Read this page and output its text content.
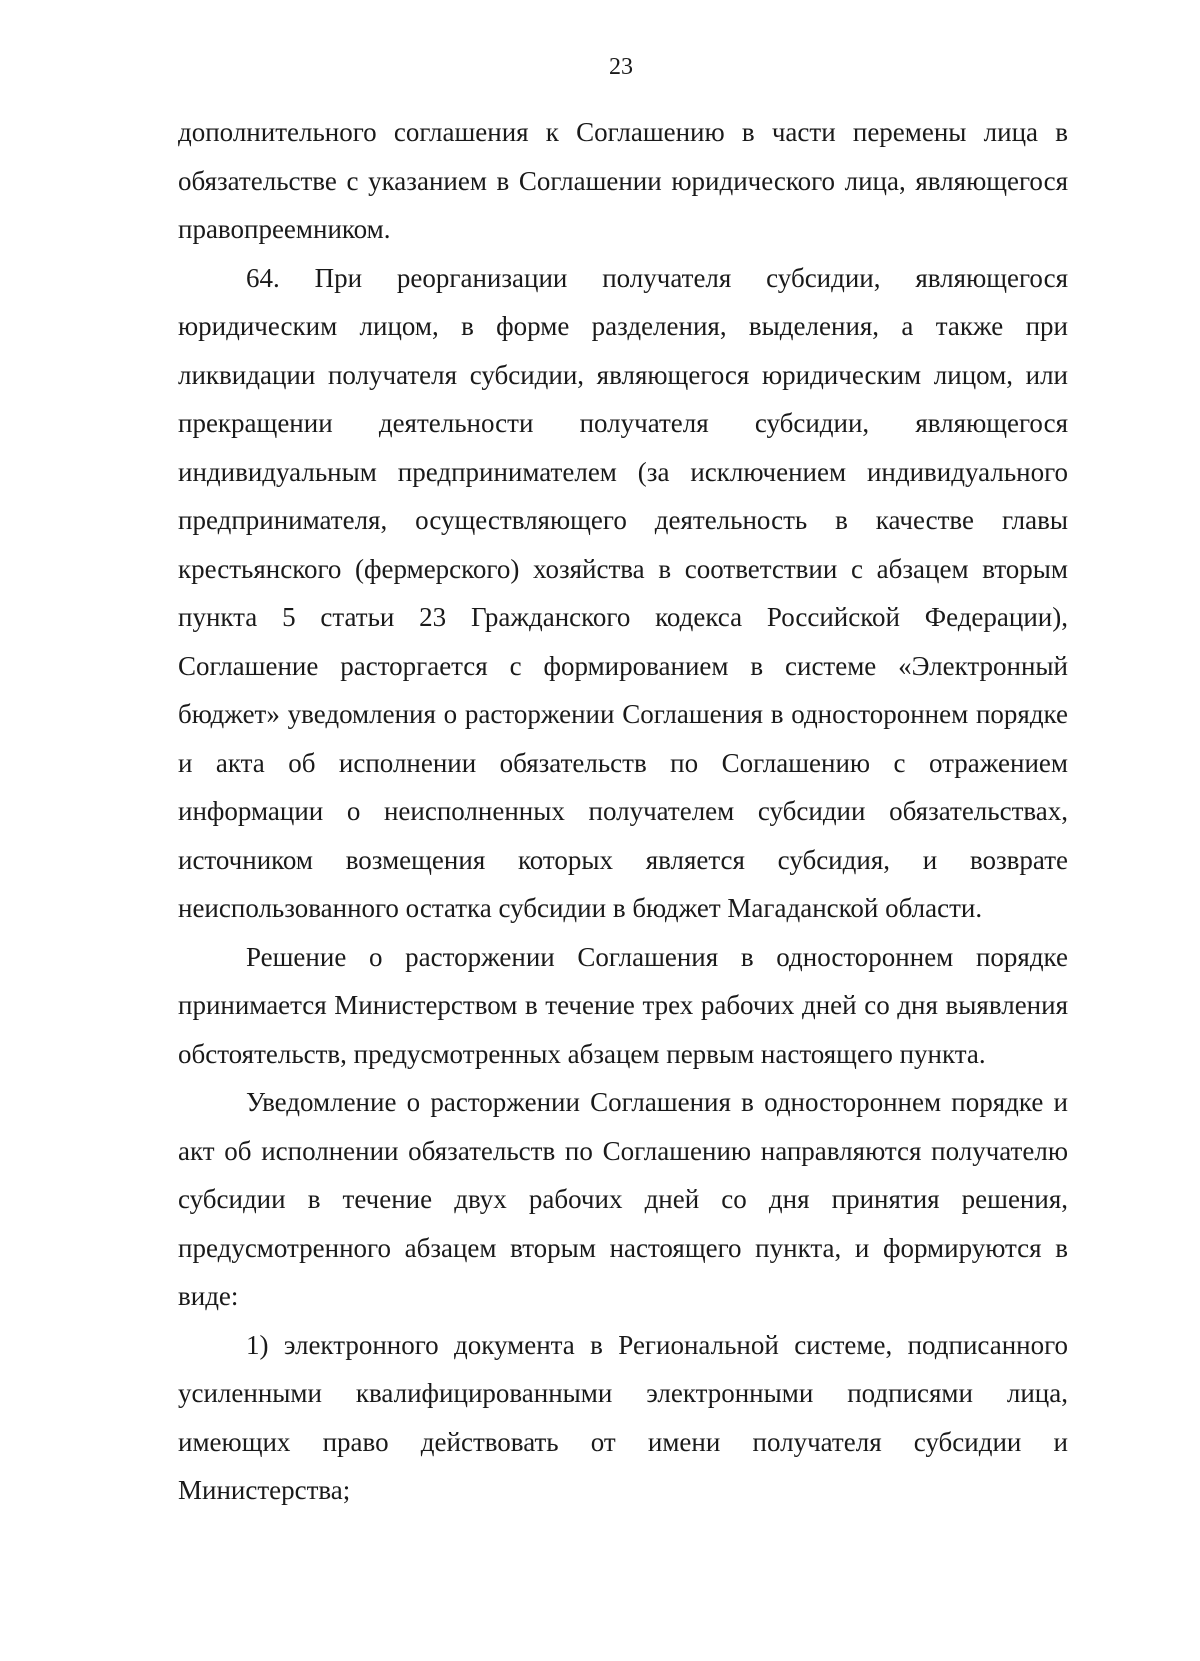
23

дополнительного соглашения к Соглашению в части перемены лица в обязательстве с указанием в Соглашении юридического лица, являющегося правопреемником.

64. При реорганизации получателя субсидии, являющегося юридическим лицом, в форме разделения, выделения, а также при ликвидации получателя субсидии, являющегося юридическим лицом, или прекращении деятельности получателя субсидии, являющегося индивидуальным предпринимателем (за исключением индивидуального предпринимателя, осуществляющего деятельность в качестве главы крестьянского (фермерского) хозяйства в соответствии с абзацем вторым пункта 5 статьи 23 Гражданского кодекса Российской Федерации), Соглашение расторгается с формированием в системе «Электронный бюджет» уведомления о расторжении Соглашения в одностороннем порядке и акта об исполнении обязательств по Соглашению с отражением информации о неисполненных получателем субсидии обязательствах, источником возмещения которых является субсидия, и возврате неиспользованного остатка субсидии в бюджет Магаданской области.

Решение о расторжении Соглашения в одностороннем порядке принимается Министерством в течение трех рабочих дней со дня выявления обстоятельств, предусмотренных абзацем первым настоящего пункта.

Уведомление о расторжении Соглашения в одностороннем порядке и акт об исполнении обязательств по Соглашению направляются получателю субсидии в течение двух рабочих дней со дня принятия решения, предусмотренного абзацем вторым настоящего пункта, и формируются в виде:

1) электронного документа в Региональной системе, подписанного усиленными квалифицированными электронными подписями лица, имеющих право действовать от имени получателя субсидии и Министерства;
